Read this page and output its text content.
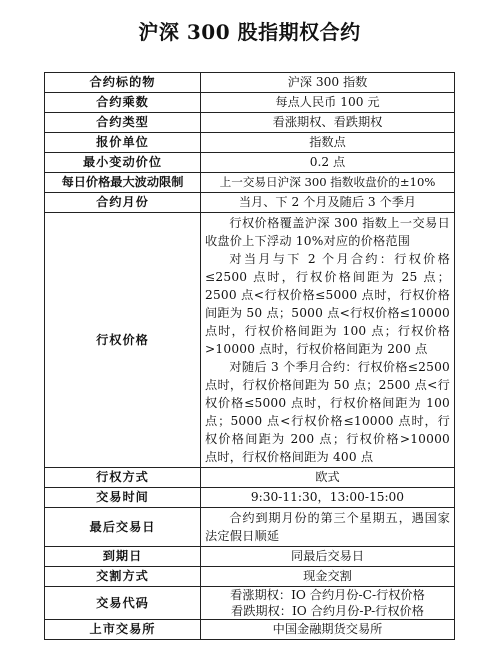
沪深 300 股指期权合约
合约标的物	沪深 300 指数
合约乘数	每点人民币 100 元
合约类型	看涨期权、看跌期权
报价单位	指数点
最小变动价位	0.2 点
每日价格最大波动限制	上一交易日沪深 300 指数收盘价的±10%
合约月份	当月、下 2 个月及随后 3 个季月
行权价格	行权价格覆盖沪深 300 指数上一交易日收盘价上下浮动 10%对应的价格范围

对当月与下 2 个月合约：行权价格≤2500 点时，行权价格间距为 25 点；2500 点<行权价格≤5000 点时，行权价格间距为 50 点；5000 点<行权价格≤10000 点时，行权价格间距为 100 点；行权价格>10000 点时，行权价格间距为 200 点

对随后 3 个季月合约：行权价格≤2500 点时，行权价格间距为 50 点；2500 点<行权价格≤5000 点时，行权价格间距为 100 点；5000 点<行权价格≤10000 点时，行权价格间距为 200 点；行权价格>10000 点时，行权价格间距为 400 点

行权方式	欧式
交易时间	9:30-11:30，13:00-15:00
最后交易日	合约到期月份的第三个星期五，遇国家法定假日顺延

到期日	同最后交易日
交割方式	现金交割
交易代码	看涨期权：IO 合约月份-C-行权价格
看跌期权：IO 合约月份-P-行权价格

上市交易所	中国金融期货交易所
